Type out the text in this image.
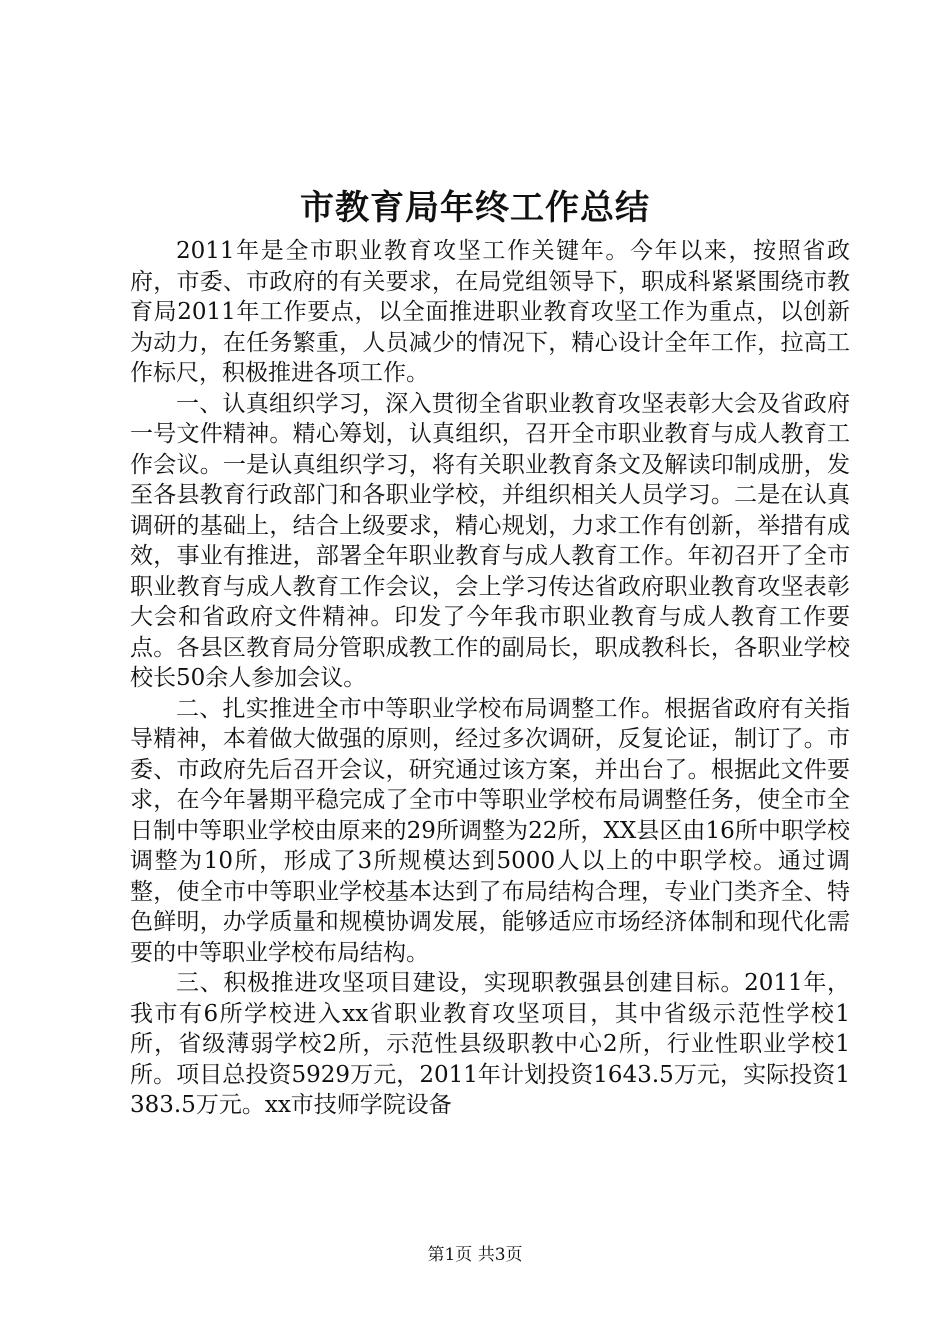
市教育局年终工作总结

2011年是全市职业教育攻坚工作关键年。今年以来，按照省政府，市委、市政府的有关要求，在局党组领导下，职成科紧紧围绕市教育局2011年工作要点，以全面推进职业教育攻坚工作为重点，以创新为动力，在任务繁重，人员减少的情况下，精心设计全年工作，拉高工作标尺，积极推进各项工作。

一、认真组织学习，深入贯彻全省职业教育攻坚表彰大会及省政府一号文件精神。精心筹划，认真组织，召开全市职业教育与成人教育工作会议。一是认真组织学习，将有关职业教育条文及解读印制成册，发至各县教育行政部门和各职业学校，并组织相关人员学习。二是在认真调研的基础上，结合上级要求，精心规划，力求工作有创新，举措有成效，事业有推进，部署全年职业教育与成人教育工作。年初召开了全市职业教育与成人教育工作会议，会上学习传达省政府职业教育攻坚表彰大会和省政府文件精神。印发了今年我市职业教育与成人教育工作要点。各县区教育局分管职成教工作的副局长，职成教科长，各职业学校校长50余人参加会议。

二、扎实推进全市中等职业学校布局调整工作。根据省政府有关指导精神，本着做大做强的原则，经过多次调研，反复论证，制订了。市委、市政府先后召开会议，研究通过该方案，并出台了。根据此文件要求，在今年暑期平稳完成了全市中等职业学校布局调整任务，使全市全日制中等职业学校由原来的29所调整为22所，XX县区由16所中职学校调整为10所，形成了3所规模达到5000人以上的中职学校。通过调整，使全市中等职业学校基本达到了布局结构合理，专业门类齐全、特色鲜明，办学质量和规模协调发展，能够适应市场经济体制和现代化需要的中等职业学校布局结构。

三、积极推进攻坚项目建设，实现职教强县创建目标。2011年，我市有6所学校进入xx省职业教育攻坚项目，其中省级示范性学校1所，省级薄弱学校2所，示范性县级职教中心2所，行业性职业学校1所。项目总投资5929万元，2011年计划投资1643.5万元，实际投资1383.5万元。xx市技师学院设备

第1页 共3页
